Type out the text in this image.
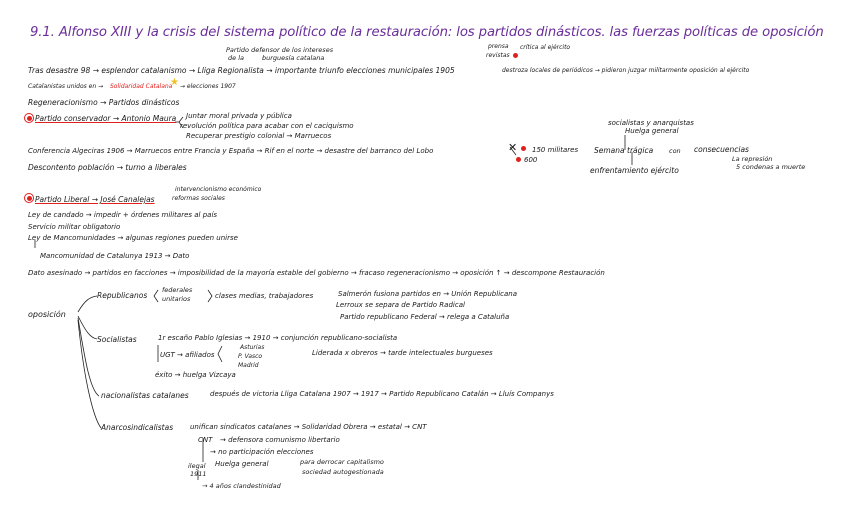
9.1. Alfonso XIII y la crisis del sistema político de la restauración: los partidos dinásticos. las fuerzas políticas de oposición
Partido defensor de los intereses
de la	burguesía catalana
prensa
revistas
crítica al ejército
Tras desastre 98 → esplendor catalanismo → Lliga Regionalista → importante triunfo elecciones municipales 1905	destroza locales de periódicos → pidieron juzgar militarmente oposición al ejército
Catalanistas unidos en → Solidaridad Catalana
★ → elecciones 1907
Regeneracionismo → Partidos dinásticos
Partido conservador → Antonio Maura Juntar moral privada y pública
revolución política para acabar con el caciquismo
Recuperar prestigio colonial → Marruecos
socialistas y anarquistas
Huelga general
Conferencia Algeciras 1906 → Marruecos entre Francia y España → Rif en el norte → desastre del barranco del Lobo	✕ 150 militares
600
Semana trágica con consecuencias
La represión
5 condenas a muerte
Descontento población → turno a liberales	enfrentamiento ejército
intervencionismo económico
reformas sociales
Partido Liberal → José Canalejas
Ley de candado → impedir + órdenes militares al país
Servicio militar obligatorio
Ley de Mancomunidades → algunas regiones pueden unirse
Mancomunidad de Catalunya 1913 → Dato
Dato asesinado → partidos en facciones → imposibilidad de la mayoría estable del gobierno → fracaso regeneracionismo → oposición ↑ → descompone Restauración
oposición
Republicanos
federales
unitarios	clases medias, trabajadores	Salmerón fusiona partidos en → Unión Republicana
Lerroux se separa de Partido Radical
Partido republicano Federal → relega a Cataluña
Socialistas	1r escaño Pablo Iglesias → 1910 → conjunción republicano-socialista
Asturias
P. Vasco
Madrid
UGT → afiliados	Liderada x obreros → tarde intelectuales burgueses
éxito → huelga Vizcaya
nacionalistas catalanes	después de victoria Lliga Catalana 1907 → 1917 → Partido Republicano Catalán → Lluís Companys
Anarcosindicalistas unifican sindicatos catalanes → Solidaridad Obrera → estatal → CNT
CNT → defensora comunismo libertario
→ no participación elecciones
Huelga general	para derrocar capitalismo
sociedad autogestionada
ilegal
1911
→ 4 años clandestinidad
